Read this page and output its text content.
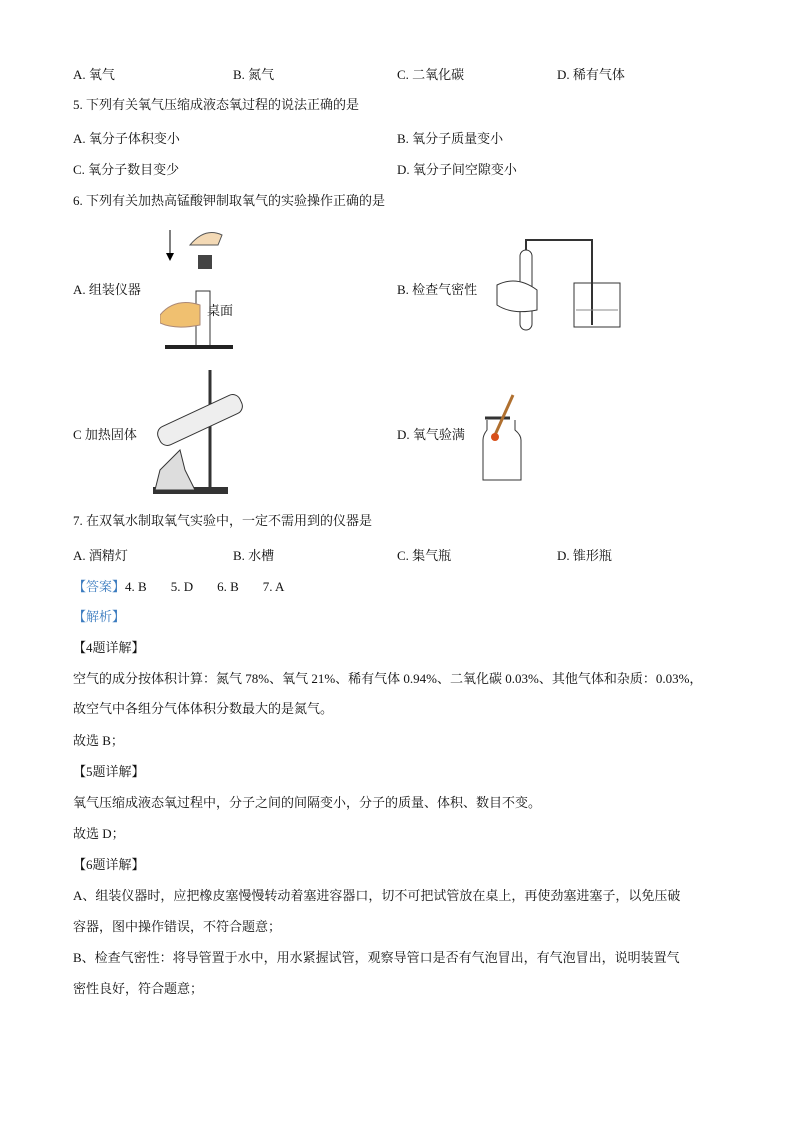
A. 氧气	B. 氮气	C. 二氧化碳	D. 稀有气体
5. 下列有关氧气压缩成液态氧过程的说法正确的是
A. 氧分子体积变小	B. 氧分子质量变小
C. 氧分子数目变少	D. 氧分子间空隙变小
6. 下列有关加热高锰酸钾制取氧气的实验操作正确的是
A. 组装仪器	B. 检查气密性
C 加热固体	D. 氧气验满
桌面
7. 在双氧水制取氧气实验中，一定不需用到的仪器是
A. 酒精灯	B. 水槽	C. 集气瓶	D. 锥形瓶
【答案】4. B 5. D 6. B 7. A
【解析】
【4题详解】
空气的成分按体积计算：氮气 78%、氧气 21%、稀有气体 0.94%、二氧化碳 0.03%、其他气体和杂质：0.03%，
故空气中各组分气体体积分数最大的是氮气。
故选 B；
【5题详解】
氧气压缩成液态氧过程中，分子之间的间隔变小，分子的质量、体积、数目不变。
故选 D；
【6题详解】
A、组装仪器时，应把橡皮塞慢慢转动着塞进容器口，切不可把试管放在桌上，再使劲塞进塞子，以免压破
容器，图中操作错误，不符合题意；
B、检查气密性：将导管置于水中，用水紧握试管，观察导管口是否有气泡冒出，有气泡冒出，说明装置气
密性良好，符合题意；
